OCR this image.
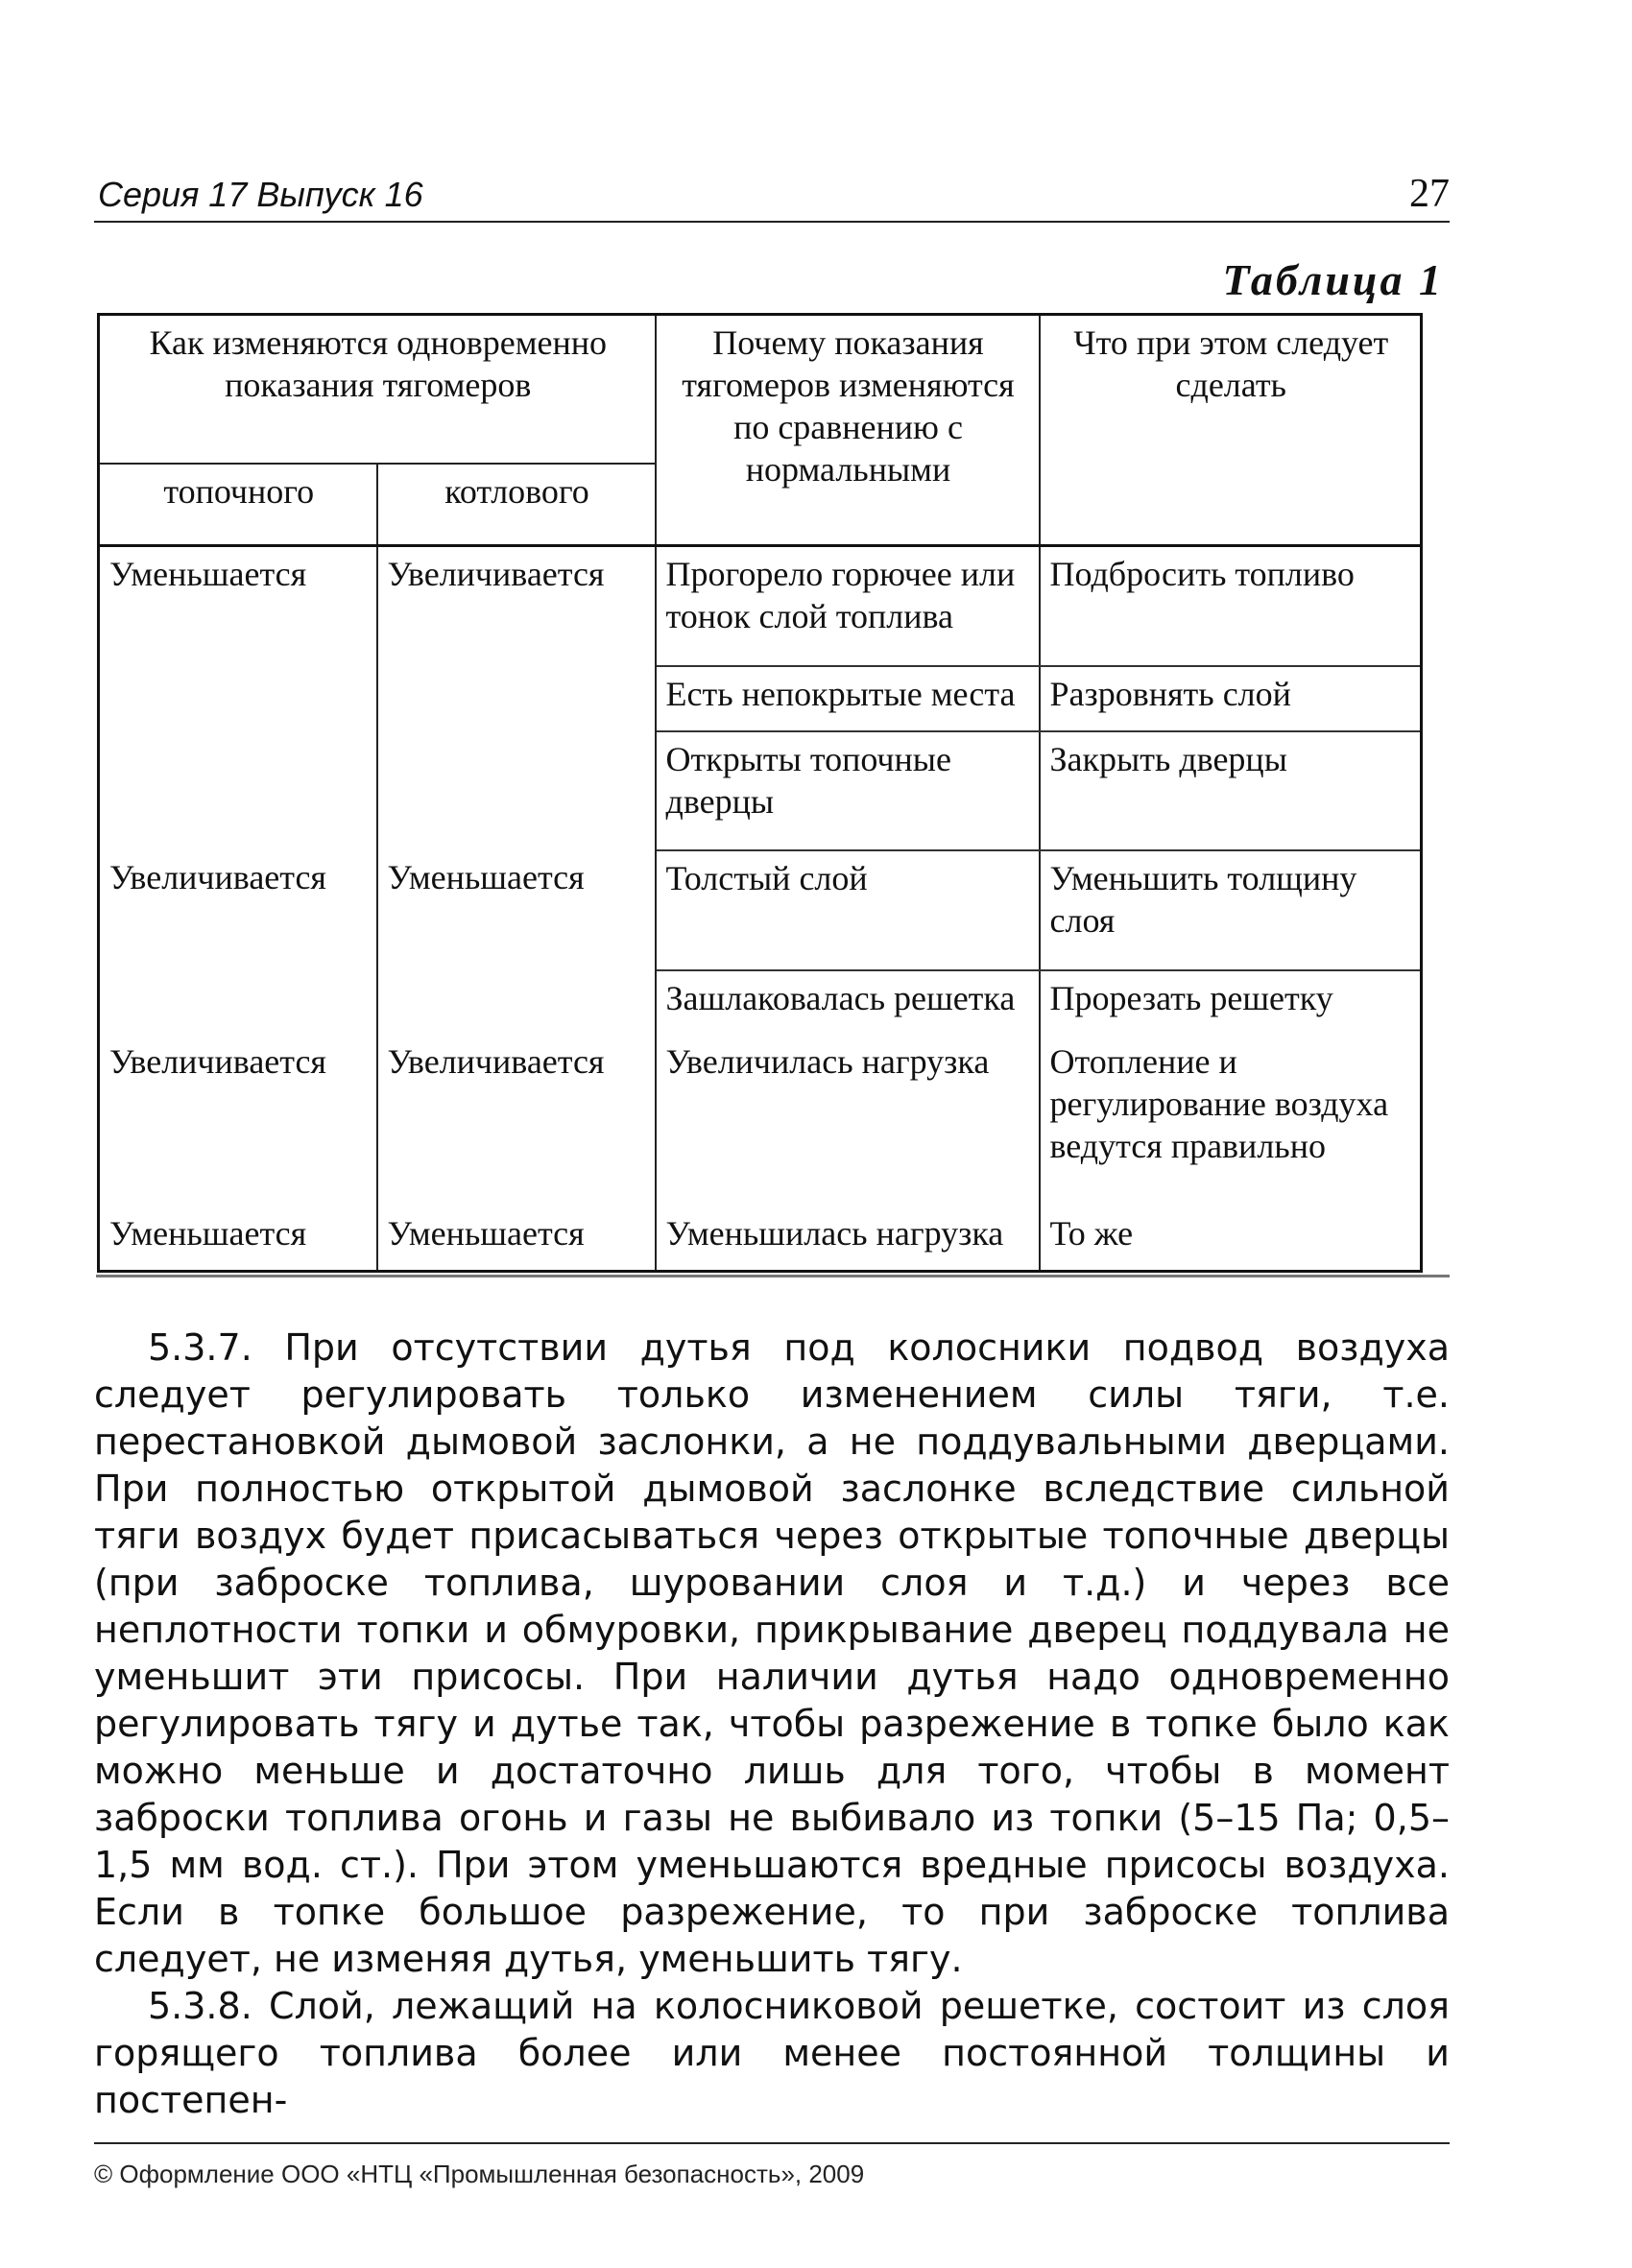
Серия 17 Выпуск 16	27
Таблица 1
Как изменяются одновременно показания тягомеров		Почему показания тягомеров изменяются по сравнению с нормальными	Что при этом следует сделать
топочного	котлового		
Уменьшается	Увеличивается	Прогорело горючее или тонок слой топлива	Подбросить топливо
		Есть непокрытые места	Разровнять слой
		Открыты топочные дверцы	Закрыть дверцы
Увеличивается	Уменьшается	Толстый слой	Уменьшить толщину слоя
		Зашлаковалась решетка	Прорезать решетку
Увеличивается	Увеличивается	Увеличилась нагрузка	Отопление и регулирование воздуха ведутся правильно
Уменьшается	Уменьшается	Уменьшилась нагрузка	То же

5.3.7. При отсутствии дутья под колосники подвод воздуха следует регулировать только изменением силы тяги, т.е. перестановкой дымовой заслонки, а не поддувальными дверцами. При полностью открытой дымовой заслонке вследствие сильной тяги воздух будет присасываться через открытые топочные дверцы (при заброске топлива, шуровании слоя и т.д.) и через все неплотности топки и обмуровки, прикрывание дверец поддувала не уменьшит эти присосы. При наличии дутья надо одновременно регулировать тягу и дутье так, чтобы разрежение в топке было как можно меньше и достаточно лишь для того, чтобы в момент заброски топлива огонь и газы не выбивало из топки (5–15 Па; 0,5–1,5 мм вод. ст.). При этом уменьшаются вредные присосы воздуха. Если в топке большое разрежение, то при заброске топлива следует, не изменяя дутья, уменьшить тягу.

5.3.8. Слой, лежащий на колосниковой решетке, состоит из слоя горящего топлива более или менее постоянной толщины и постепен-

© Оформление ООО «НТЦ «Промышленная безопасность», 2009
